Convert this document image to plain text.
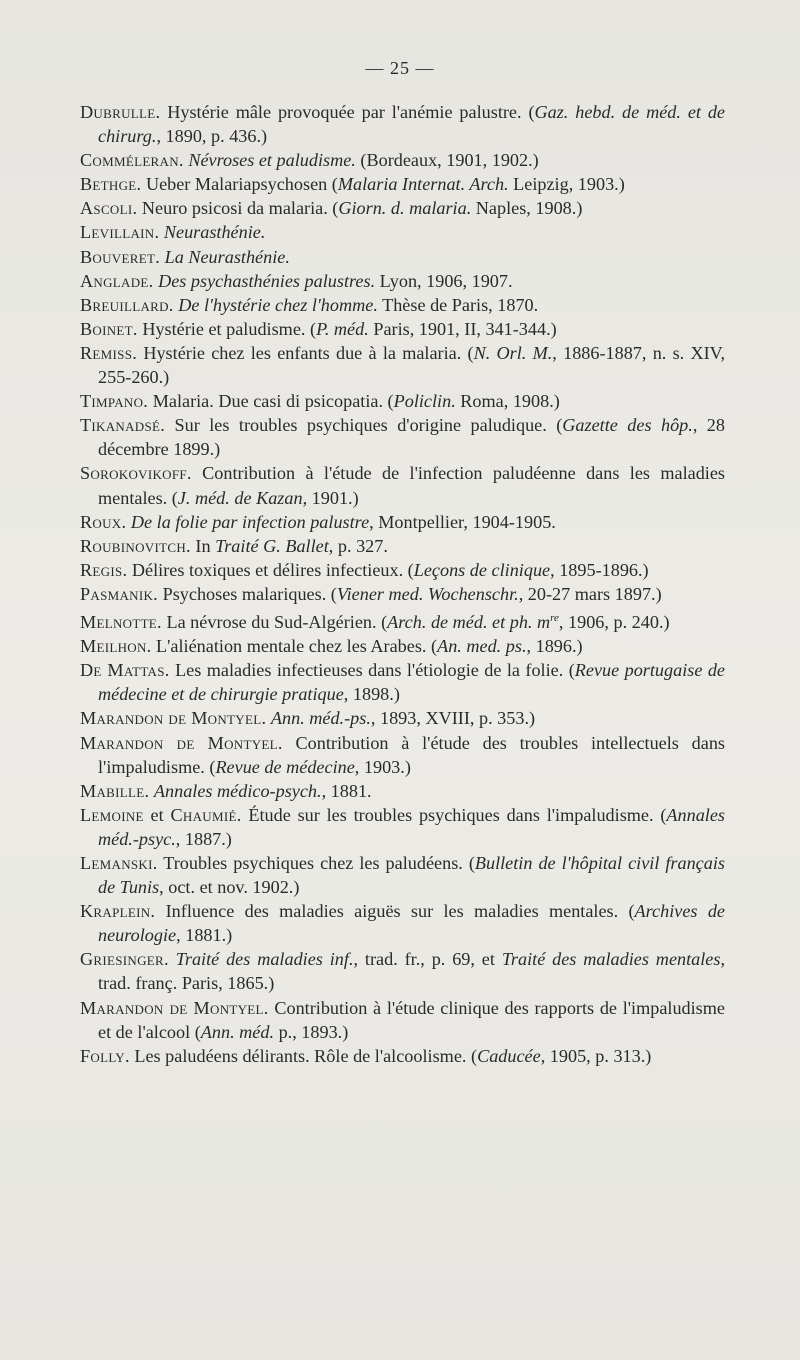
— 25 —
Dubrulle. Hystérie mâle provoquée par l'anémie palustre. (Gaz. hebd. de méd. et de chirurg., 1890, p. 436.)
Comméleran. Névroses et paludisme. (Bordeaux, 1901, 1902.)
Bethge. Ueber Malariapsychosen (Malaria Internat. Arch. Leipzig, 1903.)
Ascoli. Neuro psicosi da malaria. (Giorn. d. malaria. Naples, 1908.)
Levillain. Neurasthénie.
Bouveret. La Neurasthénie.
Anglade. Des psychasthénies palustres. Lyon, 1906, 1907.
Breuillard. De l'hystérie chez l'homme. Thèse de Paris, 1870.
Boinet. Hystérie et paludisme. (P. méd. Paris, 1901, II, 341-344.)
Remiss. Hystérie chez les enfants due à la malaria. (N. Orl. M., 1886-1887, n. s. XIV, 255-260.)
Timpano. Malaria. Due casi di psicopatia. (Policlin. Roma, 1908.)
Tikanadsé. Sur les troubles psychiques d'origine paludique. (Gazette des hôp., 28 décembre 1899.)
Sorokovikoff. Contribution à l'étude de l'infection paludéenne dans les maladies mentales. (J. méd. de Kazan, 1901.)
Roux. De la folie par infection palustre, Montpellier, 1904-1905.
Roubinovitch. In Traité G. Ballet, p. 327.
Regis. Délires toxiques et délires infectieux. (Leçons de clinique, 1895-1896.)
Pasmanik. Psychoses malariques. (Viener med. Wochenschr., 20-27 mars 1897.)
Melnotte. La névrose du Sud-Algérien. (Arch. de méd. et ph. $m^{re}$, 1906, p. 240.)
Meilhon. L'aliénation mentale chez les Arabes. (An. med. ps., 1896.)
De Mattas. Les maladies infectieuses dans l'étiologie de la folie. (Revue portugaise de médecine et de chirurgie pratique, 1898.)
Marandon de Montyel. Ann. méd.-ps., 1893, XVIII, p. 353.)
Marandon de Montyel. Contribution à l'étude des troubles intellectuels dans l'impaludisme. (Revue de médecine, 1903.)
Mabille. Annales médico-psych., 1881.
Lemoine et Chaumié. Étude sur les troubles psychiques dans l'impaludisme. (Annales méd.-psyc., 1887.)
Lemanski. Troubles psychiques chez les paludéens. (Bulletin de l'hôpital civil français de Tunis, oct. et nov. 1902.)
Kraplein. Influence des maladies aiguës sur les maladies mentales. (Archives de neurologie, 1881.)
Griesinger. Traité des maladies inf., trad. fr., p. 69, et Traité des maladies mentales, trad. franç. Paris, 1865.)
Marandon de Montyel. Contribution à l'étude clinique des rapports de l'impaludisme et de l'alcool (Ann. méd. p., 1893.)
Folly. Les paludéens délirants. Rôle de l'alcoolisme. (Caducée, 1905, p. 313.)
